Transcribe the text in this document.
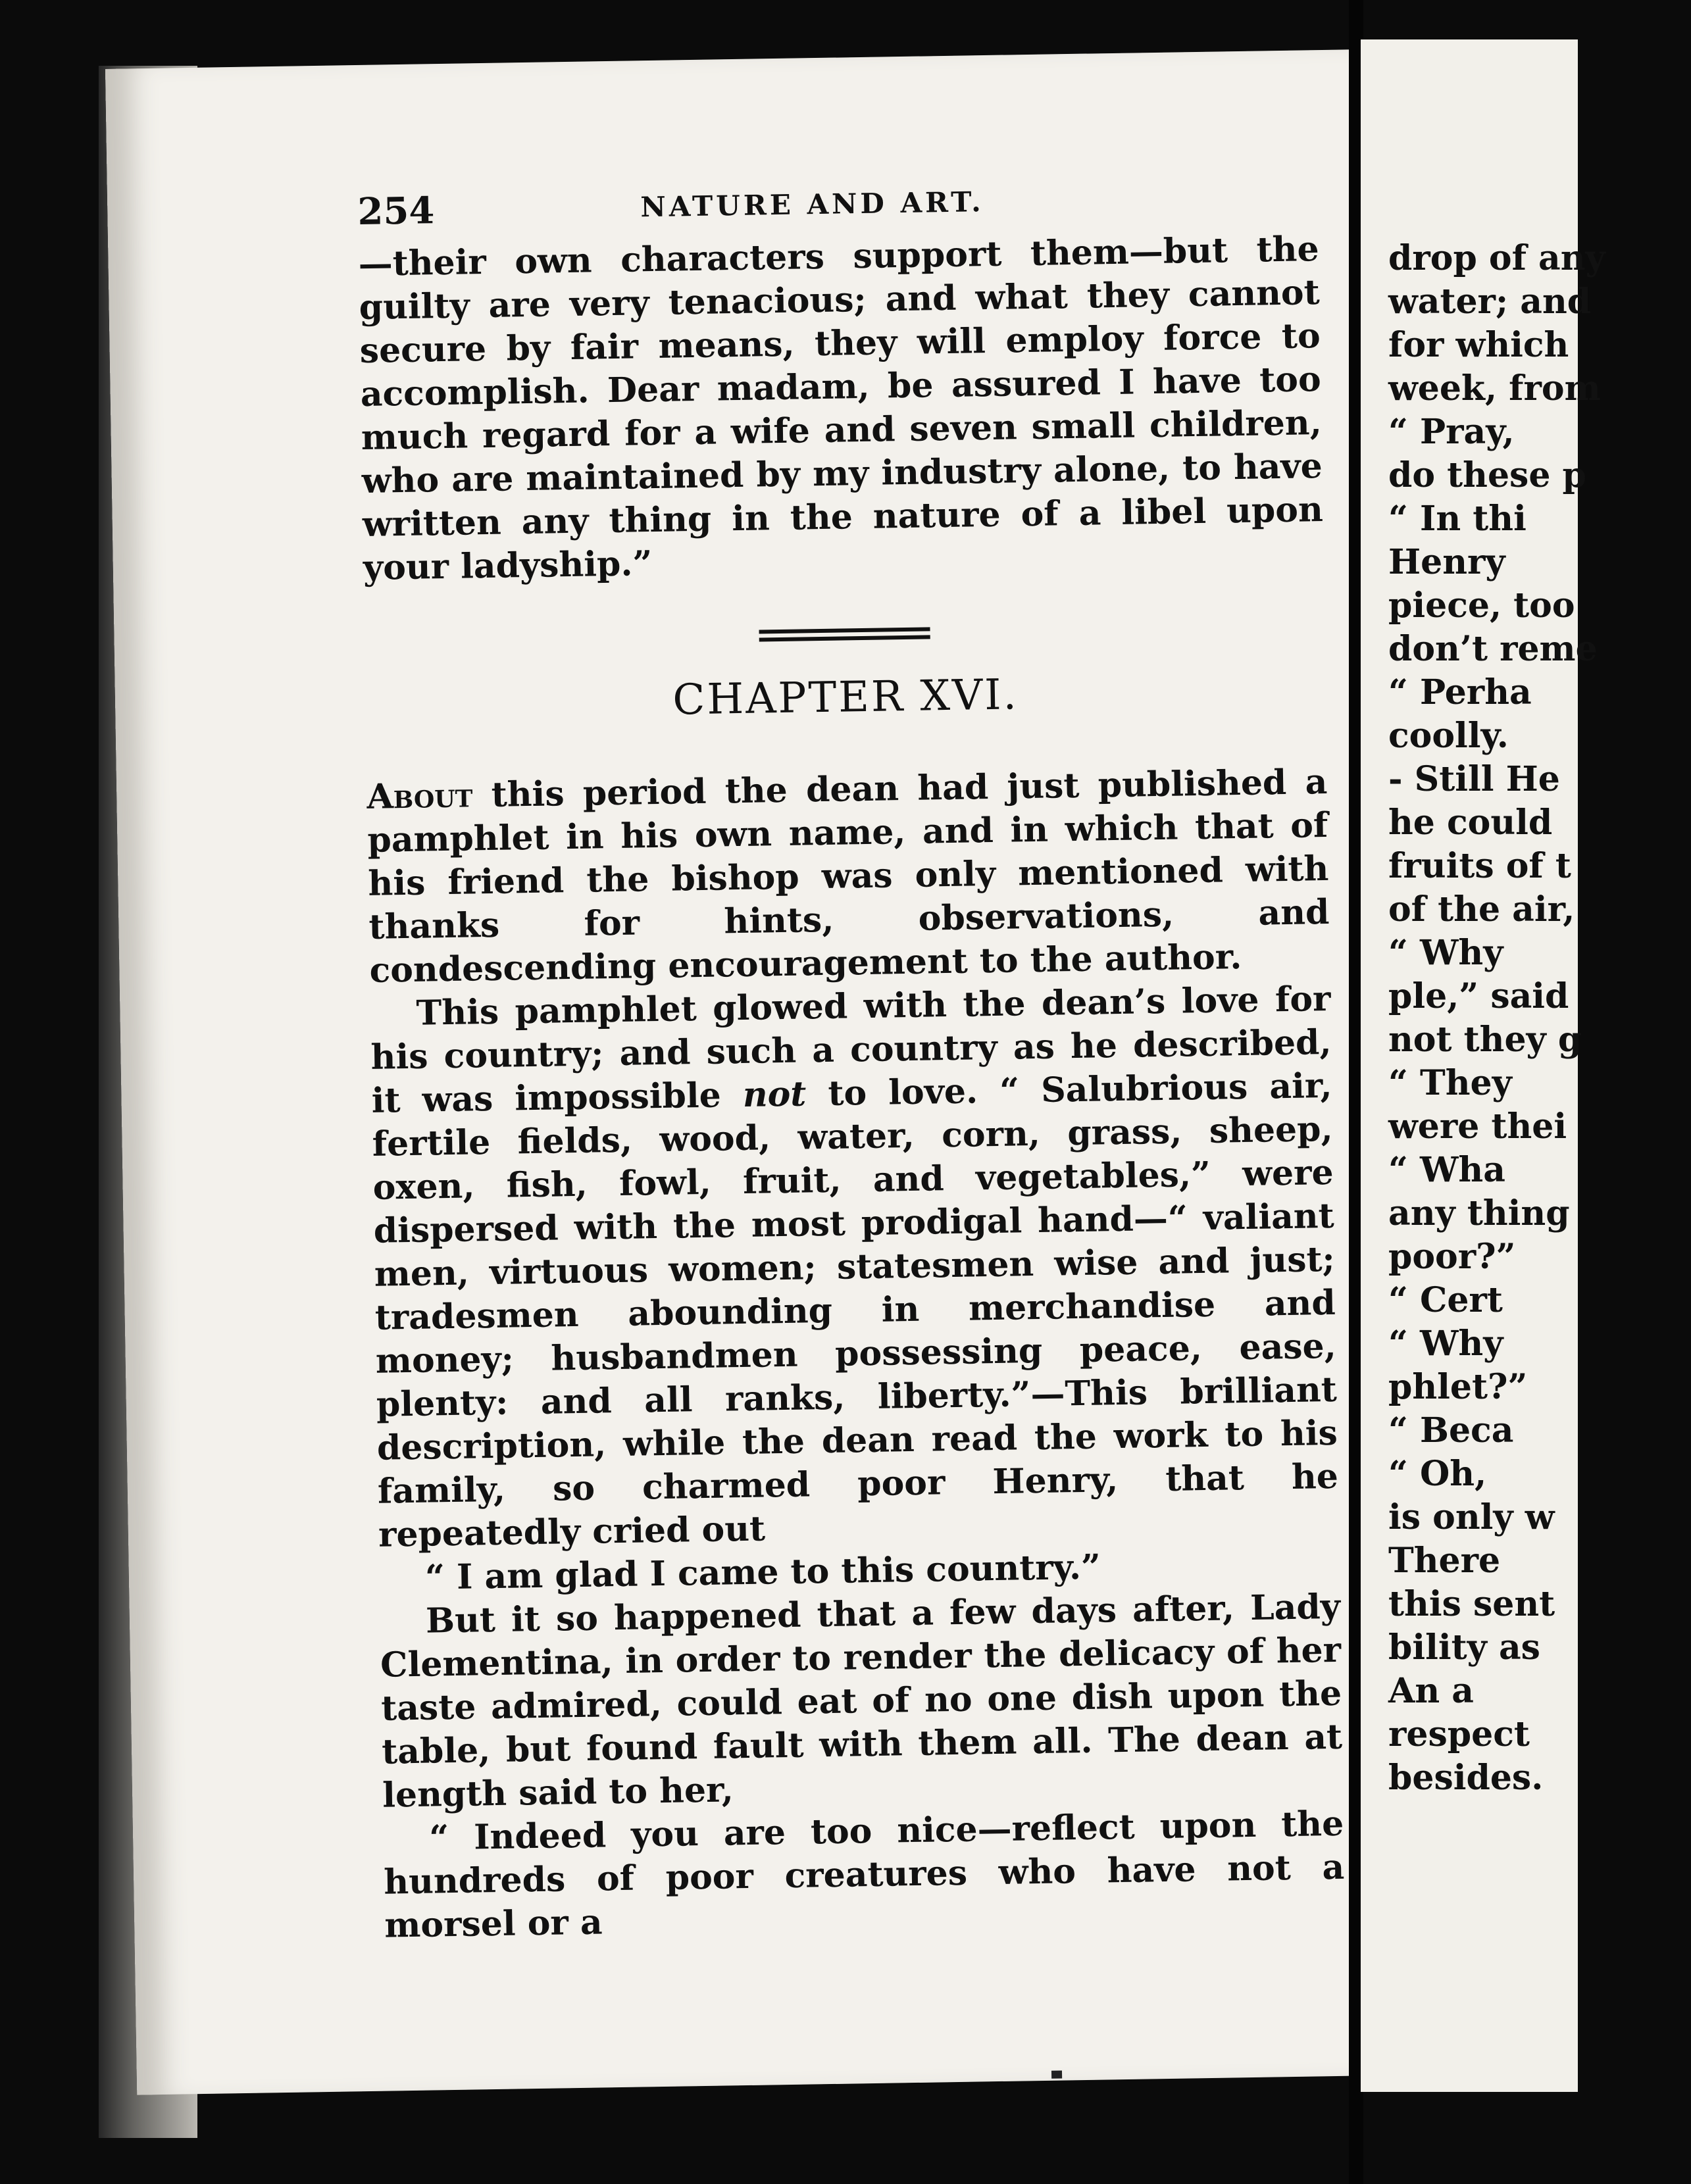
254	NATURE AND ART.

—their own characters support them—but the guilty are very tenacious; and what they cannot secure by fair means, they will employ force to accomplish. Dear madam, be assured I have too much regard for a wife and seven small children, who are maintained by my industry alone, to have written any thing in the nature of a libel upon your ladyship.”

CHAPTER XVI.

About this period the dean had just published a pamphlet in his own name, and in which that of his friend the bishop was only mentioned with thanks for hints, observations, and condescending encouragement to the author.

This pamphlet glowed with the dean’s love for his country; and such a country as he described, it was impossible not to love. “ Salubrious air, fertile fields, wood, water, corn, grass, sheep, oxen, fish, fowl, fruit, and vegetables,” were dispersed with the most prodigal hand—“ valiant men, virtuous women; statesmen wise and just; tradesmen abounding in merchandise and money; husbandmen possessing peace, ease, plenty: and all ranks, liberty.”—This brilliant description, while the dean read the work to his family, so charmed poor Henry, that he repeatedly cried out

“ I am glad I came to this country.”

But it so happened that a few days after, Lady Clementina, in order to render the delicacy of her taste admired, could eat of no one dish upon the table, but found fault with them all. The dean at length said to her,

“ Indeed you are too nice—reflect upon the hundreds of poor creatures who have not a morsel or a

drop of any
water; and
for which
week, from
“ Pray,
do these p
“ In thi
Henry
piece, too
don’t reme
“ Perha
coolly.
- Still He
he could
fruits of t
of the air,
“ Why
ple,” said
not they g
“ They
were thei
“ Wha
any thing
poor?”
“ Cert
“ Why
phlet?”
“ Beca
“ Oh,
is only w
There
this sent
bility as
An a
respect
besides.
